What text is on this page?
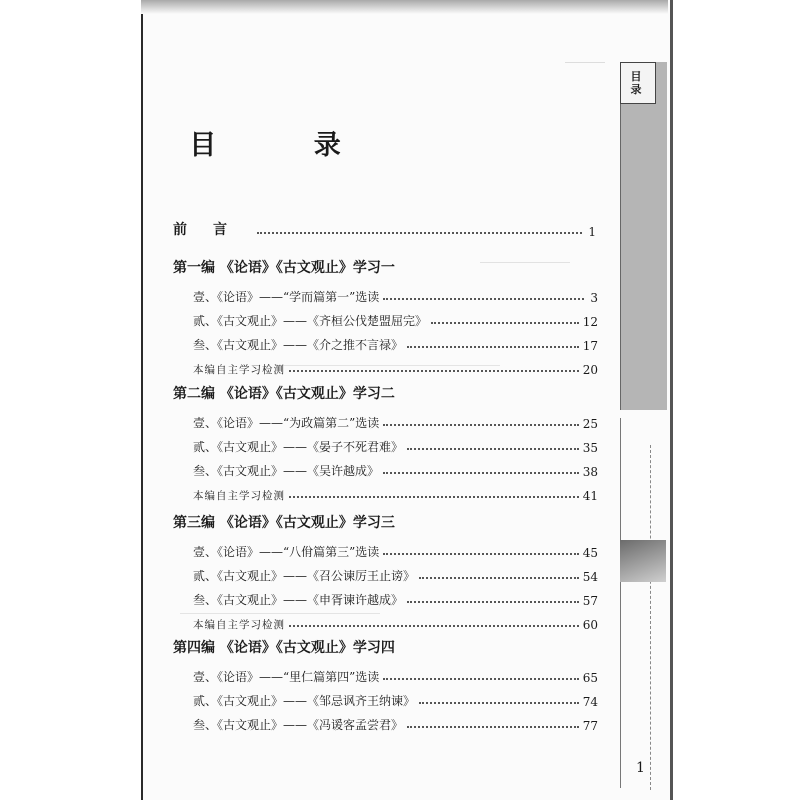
目 录
前言	1
第一编 《论语》《古文观止》学习一
壹、《论语》——“学而篇第一”选读	3
贰、《古文观止》——《齐桓公伐楚盟屈完》	12
叁、《古文观止》——《介之推不言禄》	17
本编自主学习检测	20
第二编 《论语》《古文观止》学习二
壹、《论语》——“为政篇第二”选读	25
贰、《古文观止》——《晏子不死君难》	35
叁、《古文观止》——《吴许越成》	38
本编自主学习检测	41
第三编 《论语》《古文观止》学习三
壹、《论语》——“八佾篇第三”选读	45
贰、《古文观止》——《召公谏厉王止谤》	54
叁、《古文观止》——《申胥谏许越成》	57
本编自主学习检测	60
第四编 《论语》《古文观止》学习四
壹、《论语》——“里仁篇第四”选读	65
贰、《古文观止》——《邹忌讽齐王纳谏》	74
叁、《古文观止》——《冯谖客孟尝君》	77
目录
1
